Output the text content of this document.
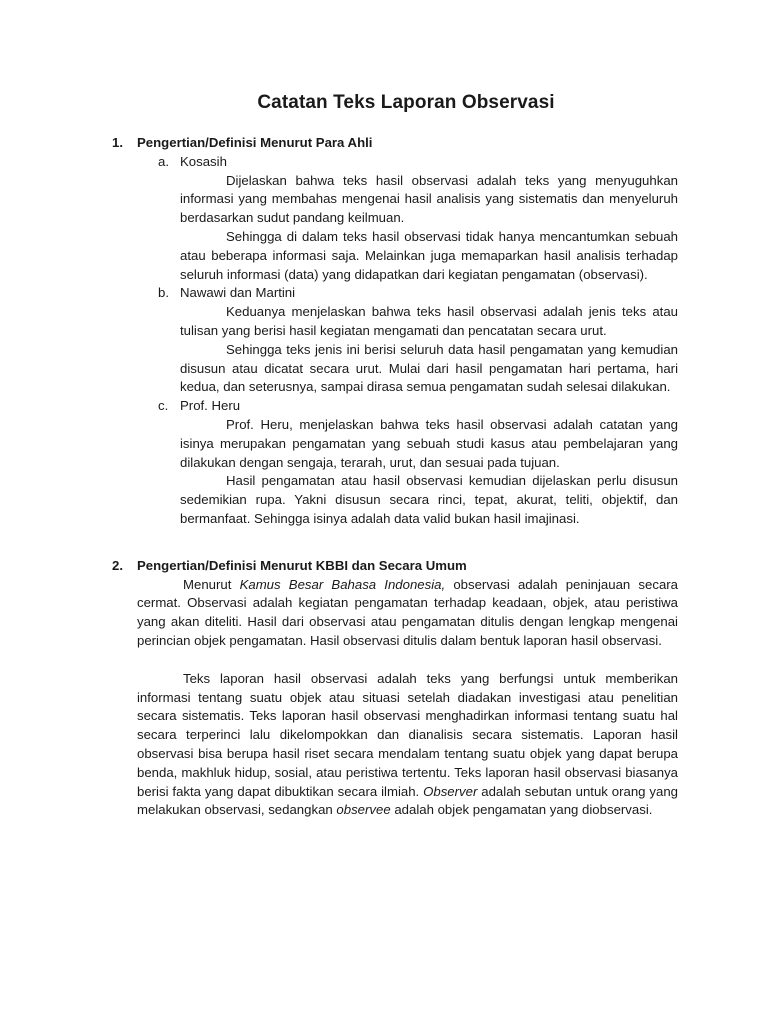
Catatan Teks Laporan Observasi
1. Pengertian/Definisi Menurut Para Ahli
a. Kosasih

Dijelaskan bahwa teks hasil observasi adalah teks yang menyuguhkan informasi yang membahas mengenai hasil analisis yang sistematis dan menyeluruh berdasarkan sudut pandang keilmuan.

Sehingga di dalam teks hasil observasi tidak hanya mencantumkan sebuah atau beberapa informasi saja. Melainkan juga memaparkan hasil analisis terhadap seluruh informasi (data) yang didapatkan dari kegiatan pengamatan (observasi).

b. Nawawi dan Martini

Keduanya menjelaskan bahwa teks hasil observasi adalah jenis teks atau tulisan yang berisi hasil kegiatan mengamati dan pencatatan secara urut.

Sehingga teks jenis ini berisi seluruh data hasil pengamatan yang kemudian disusun atau dicatat secara urut. Mulai dari hasil pengamatan hari pertama, hari kedua, dan seterusnya, sampai dirasa semua pengamatan sudah selesai dilakukan.

c. Prof. Heru

Prof. Heru, menjelaskan bahwa teks hasil observasi adalah catatan yang isinya merupakan pengamatan yang sebuah studi kasus atau pembelajaran yang dilakukan dengan sengaja, terarah, urut, dan sesuai pada tujuan.

Hasil pengamatan atau hasil observasi kemudian dijelaskan perlu disusun sedemikian rupa. Yakni disusun secara rinci, tepat, akurat, teliti, objektif, dan bermanfaat. Sehingga isinya adalah data valid bukan hasil imajinasi.

2. Pengertian/Definisi Menurut KBBI dan Secara Umum

Menurut Kamus Besar Bahasa Indonesia, observasi adalah peninjauan secara cermat. Observasi adalah kegiatan pengamatan terhadap keadaan, objek, atau peristiwa yang akan diteliti. Hasil dari observasi atau pengamatan ditulis dengan lengkap mengenai perincian objek pengamatan. Hasil observasi ditulis dalam bentuk laporan hasil observasi.

Teks laporan hasil observasi adalah teks yang berfungsi untuk memberikan informasi tentang suatu objek atau situasi setelah diadakan investigasi atau penelitian secara sistematis. Teks laporan hasil observasi menghadirkan informasi tentang suatu hal secara terperinci lalu dikelompokkan dan dianalisis secara sistematis. Laporan hasil observasi bisa berupa hasil riset secara mendalam tentang suatu objek yang dapat berupa benda, makhluk hidup, sosial, atau peristiwa tertentu. Teks laporan hasil observasi biasanya berisi fakta yang dapat dibuktikan secara ilmiah. Observer adalah sebutan untuk orang yang melakukan observasi, sedangkan observee adalah objek pengamatan yang diobservasi.
